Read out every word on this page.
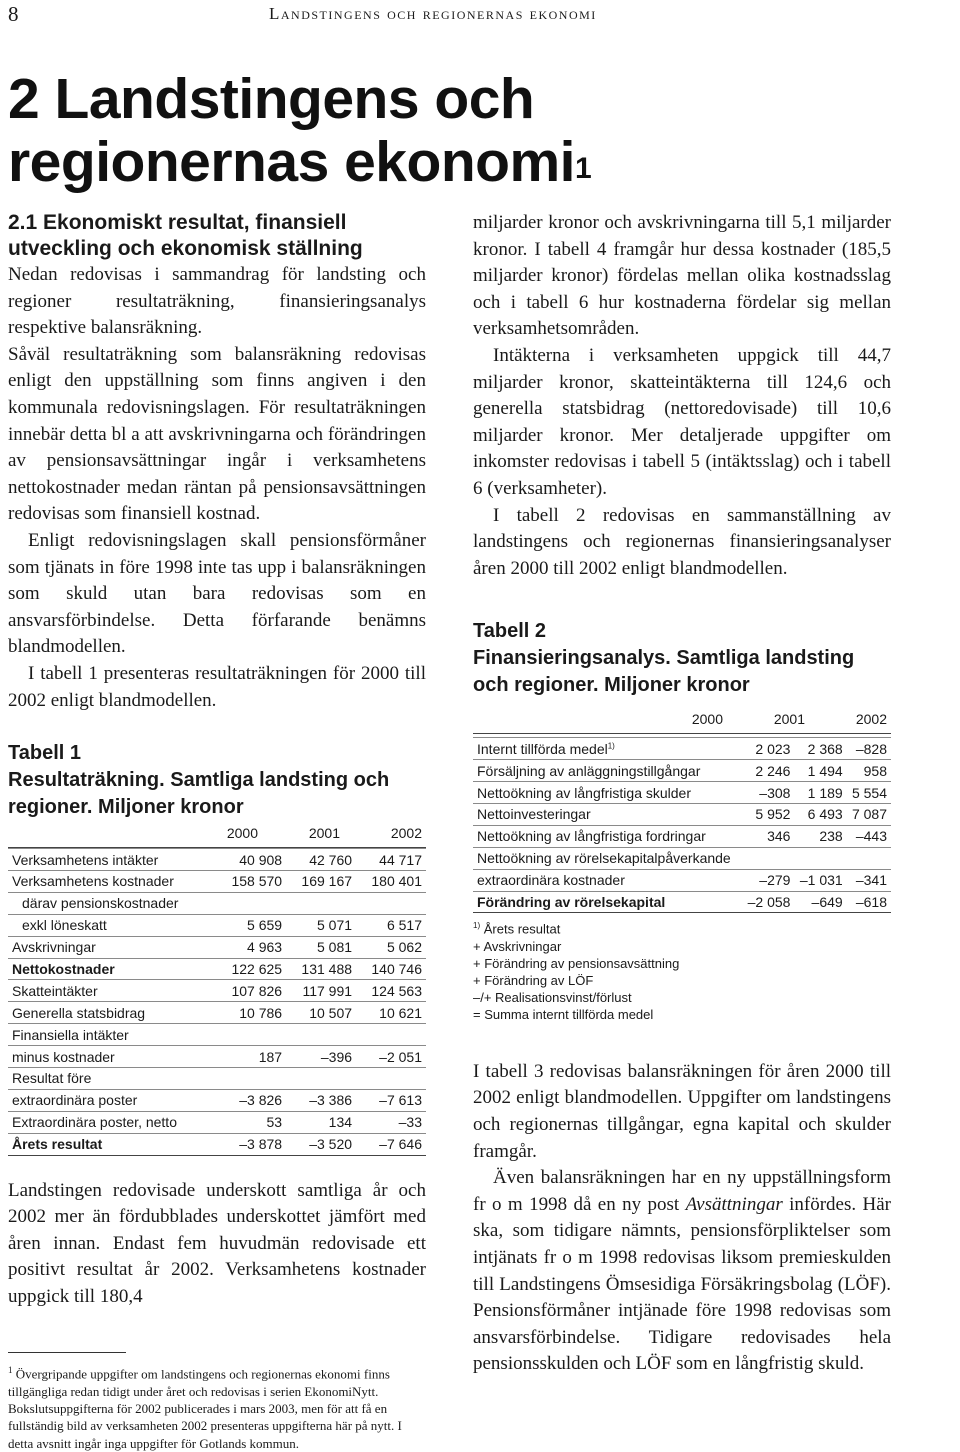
8	Landstingens och regionernas ekonomi
2 Landstingens och
regionernas ekonomi$^1$

2.1 Ekonomiskt resultat, finansiell utveckling och ekonomisk ställning

Nedan redovisas i sammandrag för landsting och regioner resultaträkning, finansieringsanalys respektive balansräkning.

Såväl resultaträkning som balansräkning redovisas enligt den uppställning som finns angiven i den kommunala redovisningslagen. För resultaträkningen innebär detta bl a att avskrivningarna och förändringen av pensionsavsättningar ingår i verksamhetens nettokostnader medan räntan på pensionsavsättningen redovisas som finansiell kostnad.

Enligt redovisningslagen skall pensionsförmåner som tjänats in före 1998 inte tas upp i balansräkningen som skuld utan bara redovisas som en ansvarsförbindelse. Detta förfarande benämns blandmodellen.

I tabell 1 presenteras resultaträkningen för 2000 till 2002 enligt blandmodellen.

Tabell 1

Resultaträkning. Samtliga landsting och regioner. Miljoner kronor

2000	2001	2002
Verksamhetens intäkter	40 908	42 760	44 717
Verksamhetens kostnader	158 570	169 167	180 401
därav pensionskostnader			
exkl löneskatt	5 659	5 071	6 517
Avskrivningar	4 963	5 081	5 062
Nettokostnader	122 625	131 488	140 746
Skatteintäkter	107 826	117 991	124 563
Generella statsbidrag	10 786	10 507	10 621
Finansiella intäkter			
minus kostnader	187	–396	–2 051
Resultat före			
extraordinära poster	–3 826	–3 386	–7 613
Extraordinära poster, netto	53	134	–33
Årets resultat	–3 878	–3 520	–7 646

Landstingen redovisade underskott samtliga år och 2002 mer än fördubblades underskottet jämfört med åren innan. Endast fem huvudmän redovisade ett positivt resultat år 2002. Verksamhetens kostnader uppgick till 180,4

miljarder kronor och avskrivningarna till 5,1 miljarder kronor. I tabell 4 framgår hur dessa kostnader (185,5 miljarder kronor) fördelas mellan olika kostnadsslag och i tabell 6 hur kostnaderna fördelar sig mellan verksamhetsområden.

Intäkterna i verksamheten uppgick till 44,7 miljarder kronor, skatteintäkterna till 124,6 och generella statsbidrag (nettoredovisade) till 10,6 miljarder kronor. Mer detaljerade uppgifter om inkomster redovisas i tabell 5 (intäktsslag) och i tabell 6 (verksamheter).

I tabell 2 redovisas en sammanställning av landstingens och regionernas finansieringsanalyser åren 2000 till 2002 enligt blandmodellen.

Tabell 2

Finansieringsanalys. Samtliga landsting och regioner. Miljoner kronor

2000	2001	2002
Internt tillförda medel$^{1)}$	2 023	2 368	–828
Försäljning av anläggningstillgångar	2 246	1 494	958
Nettoökning av långfristiga skulder	–308	1 189	5 554
Nettoinvesteringar	5 952	6 493	7 087
Nettoökning av långfristiga fordringar	346	238	–443
Nettoökning av rörelsekapitalpåverkande			
extraordinära kostnader	–279	–1 031	–341
Förändring av rörelsekapital	–2 058	–649	–618
$^{1)}$ Årets resultat
+ Avskrivningar
+ Förändring av pensionsavsättning
+ Förändring av LÖF
–/+ Realisationsvinst/förlust
= Summa internt tillförda medel

I tabell 3 redovisas balansräkningen för åren 2000 till 2002 enligt blandmodellen. Uppgifter om landstingens och regionernas tillgångar, egna kapital och skulder framgår.

Även balansräkningen har en ny uppställningsform fr o m 1998 då en ny post Avsättningar infördes. Här ska, som tidigare nämnts, pensionsförpliktelser som intjänats fr o m 1998 redovisas liksom premieskulden till Landstingens Ömsesidiga Försäkringsbolag (LÖF). Pensionsförmåner intjänade före 1998 redovisas som ansvarsförbindelse. Tidigare redovisades hela pensionsskulden och LÖF som en långfristig skuld.

$^1$ Övergripande uppgifter om landstingens och regionernas ekonomi finns tillgängliga redan tidigt under året och redovisas i serien EkonomiNytt. Bokslutsuppgifterna för 2002 publicerades i mars 2003, men för att få en fullständig bild av verksamheten 2002 presenteras uppgifterna här på nytt. I detta avsnitt ingår inga uppgifter för Gotlands kommun.
